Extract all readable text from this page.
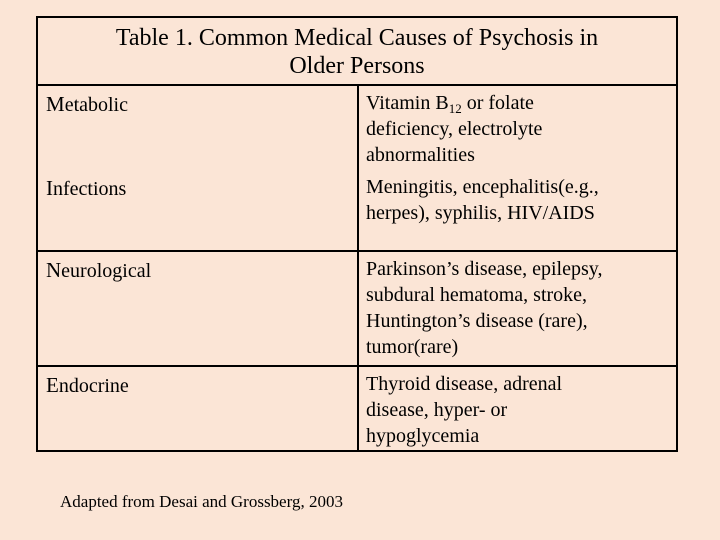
Table 1. Common Medical Causes of Psychosis in
Older Persons
Metabolic	Vitamin $B_{12}$ or folate
deficiency, electrolyte
abnormalities
Infections	Meningitis, encephalitis(e.g.,
herpes), syphilis, HIV/AIDS
Neurological	Parkinson’s disease, epilepsy,
subdural hematoma, stroke,
Huntington’s disease (rare),
tumor(rare)
Endocrine	Thyroid disease, adrenal
disease, hyper- or
hypoglycemia
Adapted from Desai and Grossberg, 2003
